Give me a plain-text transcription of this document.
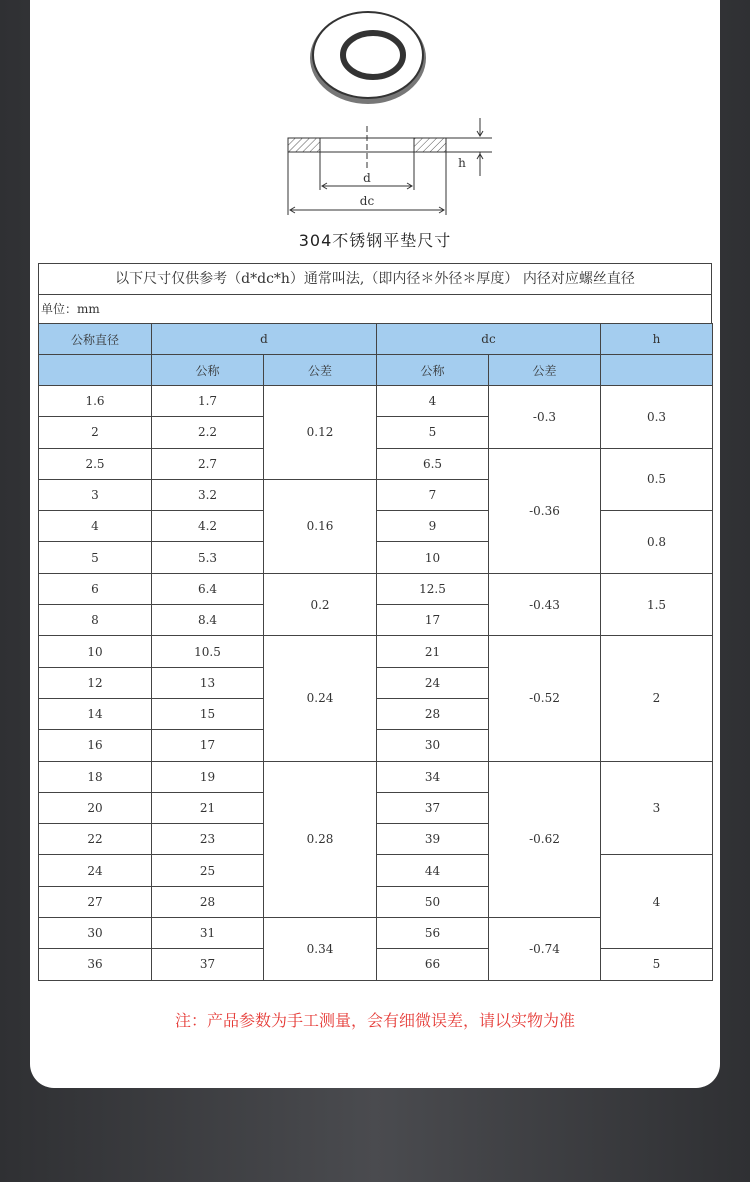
d
dc
h
304不锈钢平垫尺寸
以下尺寸仅供参考（d*dc*h）通常叫法,（即内径＊外径＊厚度） 内径对应螺丝直径
单位：mm
公称直径	d		dc		h
	公称	公差	公称	公差	
1.6	1.7	0.12	4	-0.3	0.3
2	2.2		5		
2.5	2.7		6.5	-0.36	0.5
3	3.2	0.16	7		
4	4.2		9		0.8
5	5.3		10		
6	6.4	0.2	12.5	-0.43	1.5
8	8.4		17		
10	10.5	0.24	21	-0.52	2
12	13		24		
14	15		28		
16	17		30		
18	19	0.28	34	-0.62	3
20	21		37		
22	23		39		
24	25		44		4
27	28		50		
30	31	0.34	56	-0.74	
36	37		66		5
注：产品参数为手工测量，会有细微误差，请以实物为准
